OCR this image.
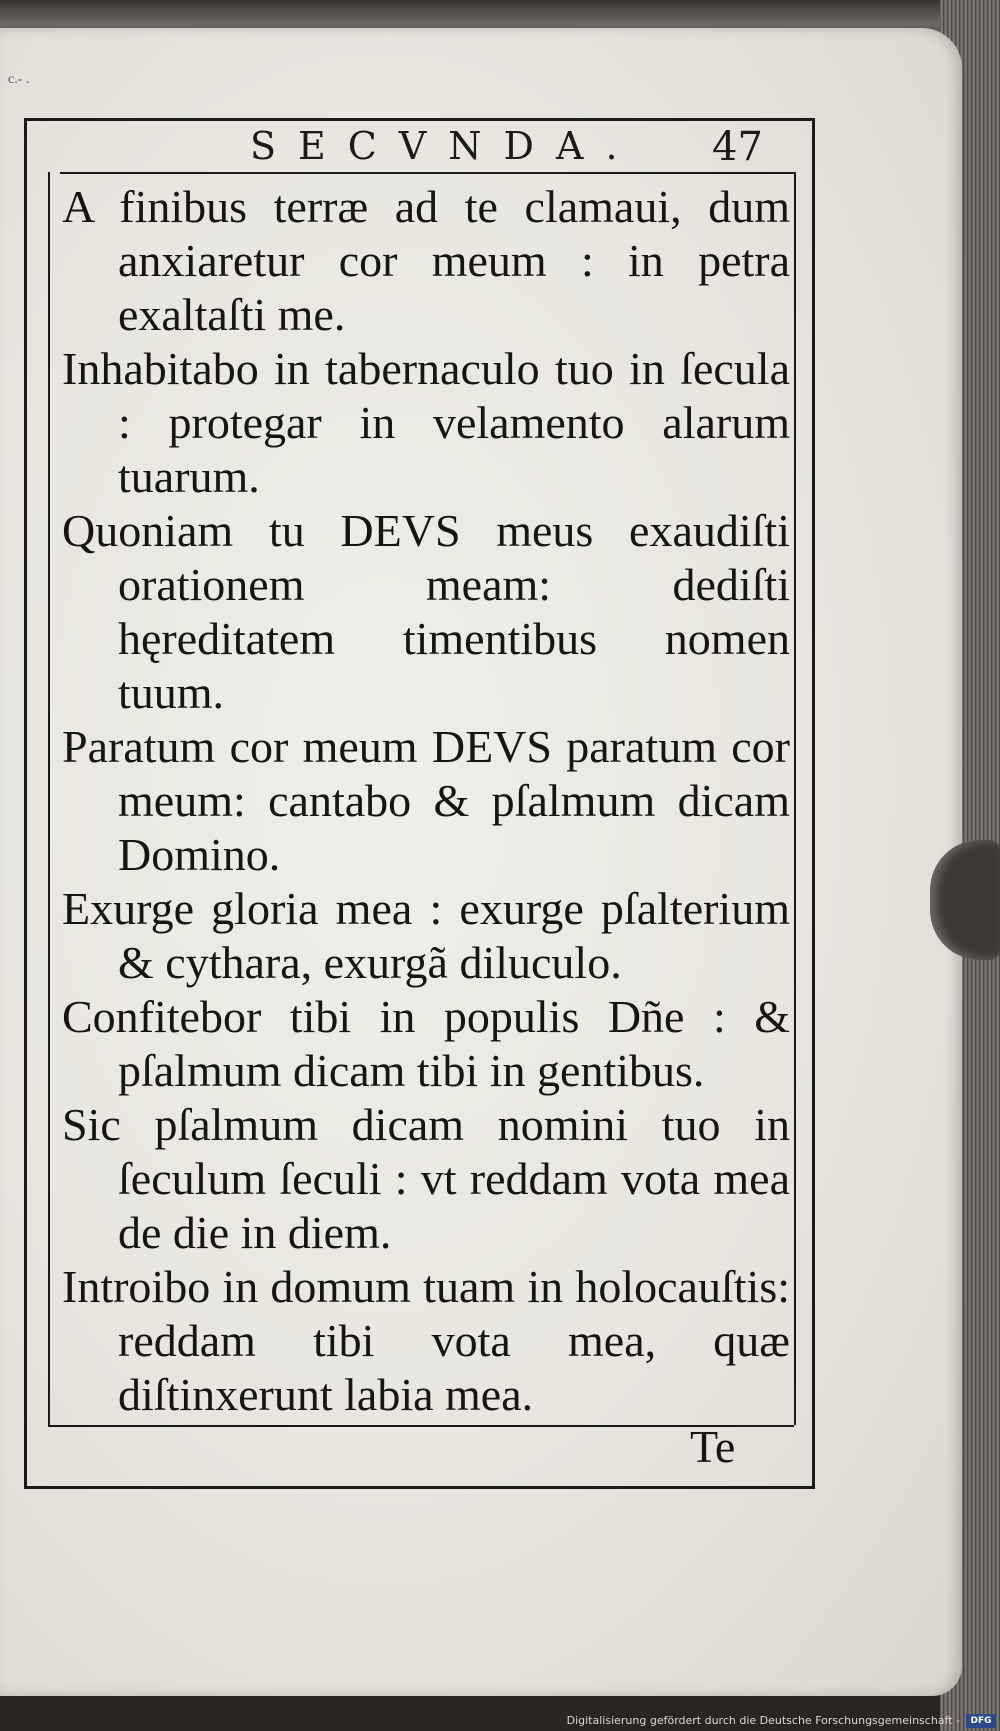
c.- .
SECVNDA. 47

A finibus terræ ad te clamaui, dum anxiaretur cor meum : in petra exaltaſti me.

Inhabitabo in tabernaculo tuo in ſecula : protegar in velamento alarum tuarum.

Quoniam tu DEVS meus exaudiſti orationem meam: dediſti hęreditatem timentibus nomen tuum.

Paratum cor meum DEVS paratum cor meum: cantabo & pſalmum dicam Domino.

Exurge gloria mea : exurge pſalterium & cythara, exurgã diluculo.

Confitebor tibi in populis Dñe : & pſalmum dicam tibi in gentibus.

Sic pſalmum dicam nomini tuo in ſeculum ſeculi : vt reddam vota mea de die in diem.

Introibo in domum tuam in holocauſtis: reddam tibi vota mea, quæ diſtinxerunt labia mea.

Te
Digitalisierung gefördert durch die Deutsche Forschungsgemeinschaft -	DFG
